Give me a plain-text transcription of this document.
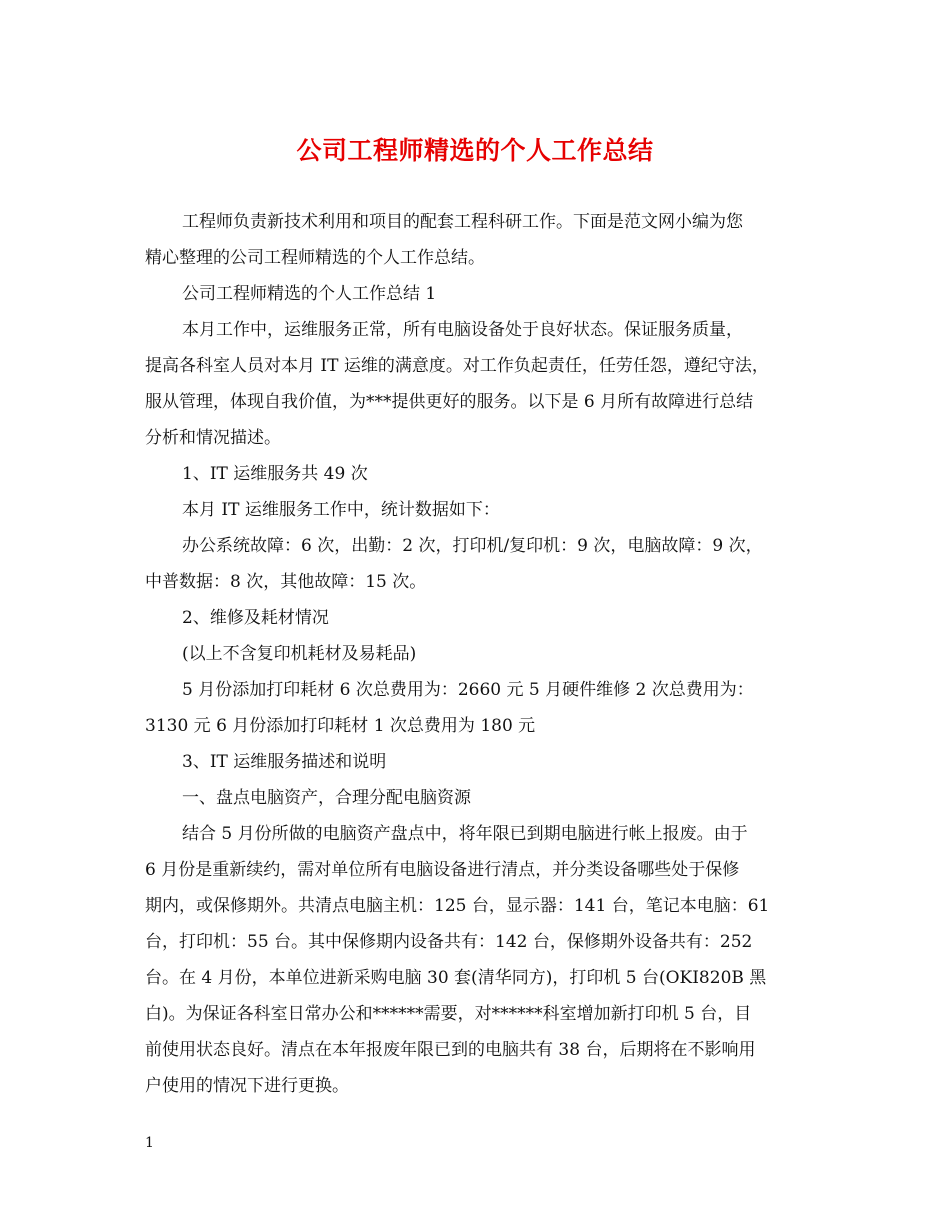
公司工程师精选的个人工作总结
工程师负责新技术利用和项目的配套工程科研工作。下面是范文网小编为您
精心整理的公司工程师精选的个人工作总结。
公司工程师精选的个人工作总结 1
本月工作中，运维服务正常，所有电脑设备处于良好状态。保证服务质量，
提高各科室人员对本月 IT 运维的满意度。对工作负起责任，任劳任怨，遵纪守法，
服从管理，体现自我价值，为***提供更好的服务。以下是 6 月所有故障进行总结
分析和情况描述。
1、IT 运维服务共 49 次
本月 IT 运维服务工作中，统计数据如下：
办公系统故障：6 次，出勤：2 次，打印机/复印机：9 次，电脑故障：9 次，
中普数据：8 次，其他故障：15 次。
2、维修及耗材情况
(以上不含复印机耗材及易耗品)
5 月份添加打印耗材 6 次总费用为：2660 元 5 月硬件维修 2 次总费用为：
3130 元 6 月份添加打印耗材 1 次总费用为 180 元
3、IT 运维服务描述和说明
一、盘点电脑资产，合理分配电脑资源
结合 5 月份所做的电脑资产盘点中，将年限已到期电脑进行帐上报废。由于
6 月份是重新续约，需对单位所有电脑设备进行清点，并分类设备哪些处于保修
期内，或保修期外。共清点电脑主机：125 台，显示器：141 台，笔记本电脑：61
台，打印机：55 台。其中保修期内设备共有：142 台，保修期外设备共有：252
台。在 4 月份，本单位进新采购电脑 30 套(清华同方)，打印机 5 台(OKI820B 黑
白)。为保证各科室日常办公和******需要，对******科室增加新打印机 5 台，目
前使用状态良好。清点在本年报废年限已到的电脑共有 38 台，后期将在不影响用
户使用的情况下进行更换。
1
